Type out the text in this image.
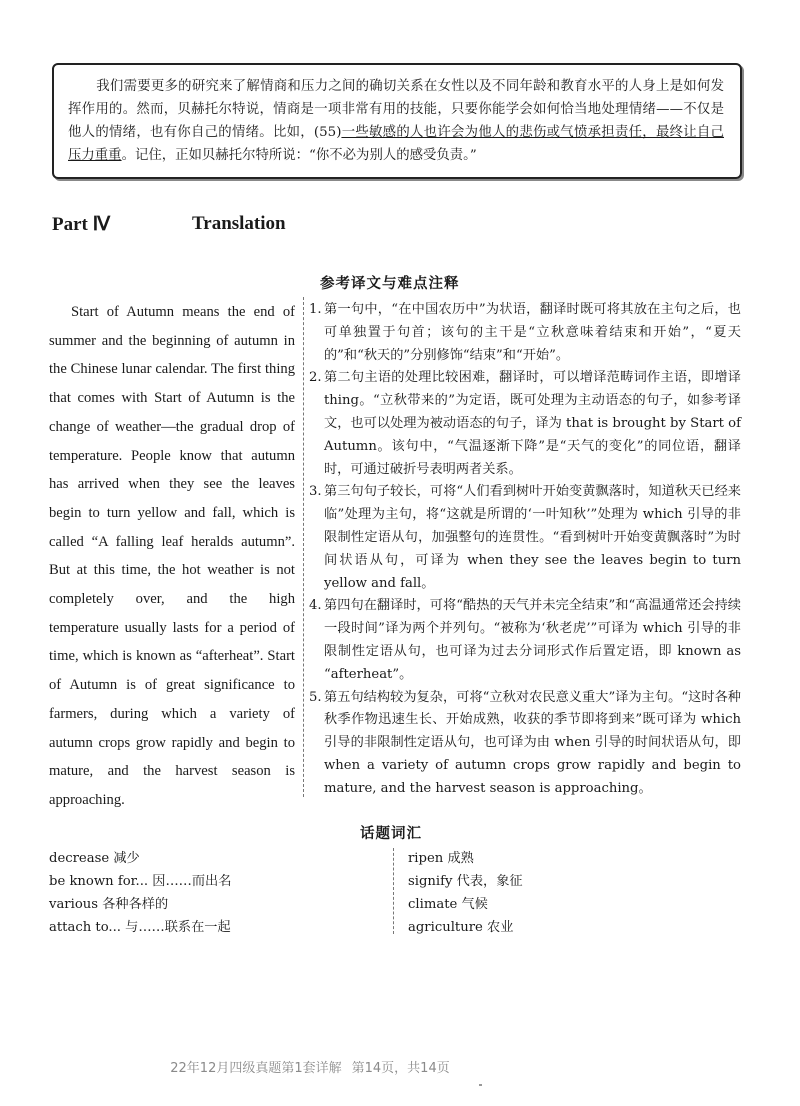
我们需要更多的研究来了解情商和压力之间的确切关系在女性以及不同年龄和教育水平的人身上是如何发挥作用的。然而，贝赫托尔特说，情商是一项非常有用的技能，只要你能学会如何恰当地处理情绪——不仅是他人的情绪，也有你自己的情绪。比如，(55)一些敏感的人也许会为他人的悲伤或气愤承担责任，最终让自己压力重重。记住，正如贝赫托尔特所说：“你不必为别人的感受负责。”
Part Ⅳ	Translation
参考译文与难点注释
Start of Autumn means the end of summer and the beginning of autumn in the Chinese lunar calendar. The first thing that comes with Start of Autumn is the change of weather—the gradual drop of temperature. People know that autumn has arrived when they see the leaves begin to turn yellow and fall, which is called “A falling leaf heralds autumn”. But at this time, the hot weather is not completely over, and the high temperature usually lasts for a period of time, which is known as “afterheat”. Start of Autumn is of great significance to farmers, during which a variety of autumn crops grow rapidly and begin to mature, and the harvest season is approaching.
1. 第一句中，“在中国农历中”为状语，翻译时既可将其放在主句之后，也可单独置于句首；该句的主干是“立秋意味着结束和开始”，“夏天的”和“秋天的”分别修饰“结束”和“开始”。
2. 第二句主语的处理比较困难，翻译时，可以增译范畴词作主语，即增译 thing。“立秋带来的”为定语，既可处理为主动语态的句子，如参考译文，也可以处理为被动语态的句子，译为 that is brought by Start of Autumn。该句中，“气温逐渐下降”是“天气的变化”的同位语，翻译时，可通过破折号表明两者关系。
3. 第三句句子较长，可将“人们看到树叶开始变黄飘落时，知道秋天已经来临”处理为主句，将“这就是所谓的‘一叶知秋’”处理为 which 引导的非限制性定语从句，加强整句的连贯性。“看到树叶开始变黄飘落时”为时间状语从句，可译为 when they see the leaves begin to turn yellow and fall。
4. 第四句在翻译时，可将“酷热的天气并未完全结束”和“高温通常还会持续一段时间”译为两个并列句。“被称为‘秋老虎’”可译为 which 引导的非限制性定语从句，也可译为过去分词形式作后置定语，即 known as “afterheat”。
5. 第五句结构较为复杂，可将“立秋对农民意义重大”译为主句。“这时各种秋季作物迅速生长、开始成熟，收获的季节即将到来”既可译为 which 引导的非限制性定语从句，也可译为由 when 引导的时间状语从句，即 when a variety of autumn crops grow rapidly and begin to mature, and the harvest season is approaching。
话题词汇
decrease 减少
be known for... 因……而出名
various 各种各样的
attach to... 与……联系在一起
ripen 成熟
signify 代表，象征
climate 气候
agriculture 农业
22年12月四级真题第1套详解 第14页，共14页
